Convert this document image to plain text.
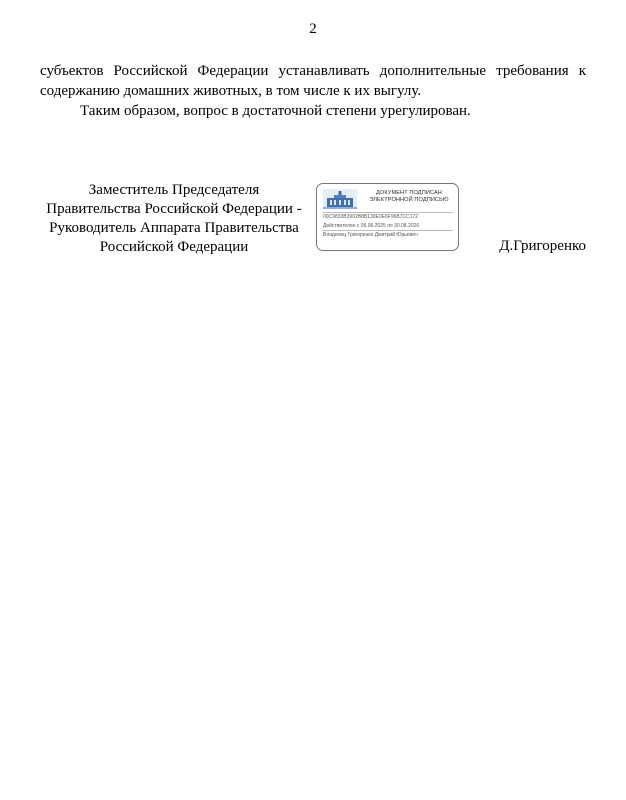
2

субъектов Российской Федерации устанавливать дополнительные требования к содержанию домашних животных, в том числе к их выгулу.

Таким образом, вопрос в достаточной степени урегулирован.

Заместитель Председателя
Правительства Российской Федерации -
Руководитель Аппарата Правительства
Российской Федерации
ДОКУМЕНТ ПОДПИСАН
ЭЛЕКТРОННОЙ ПОДПИСЬЮ
00C9833B3902B8B130E0E6F96B7CC172
Действителен с 06.06.2025 по 30.08.2026
Владелец Григоренко Дмитрий Юрьевич
Д.Григоренко
